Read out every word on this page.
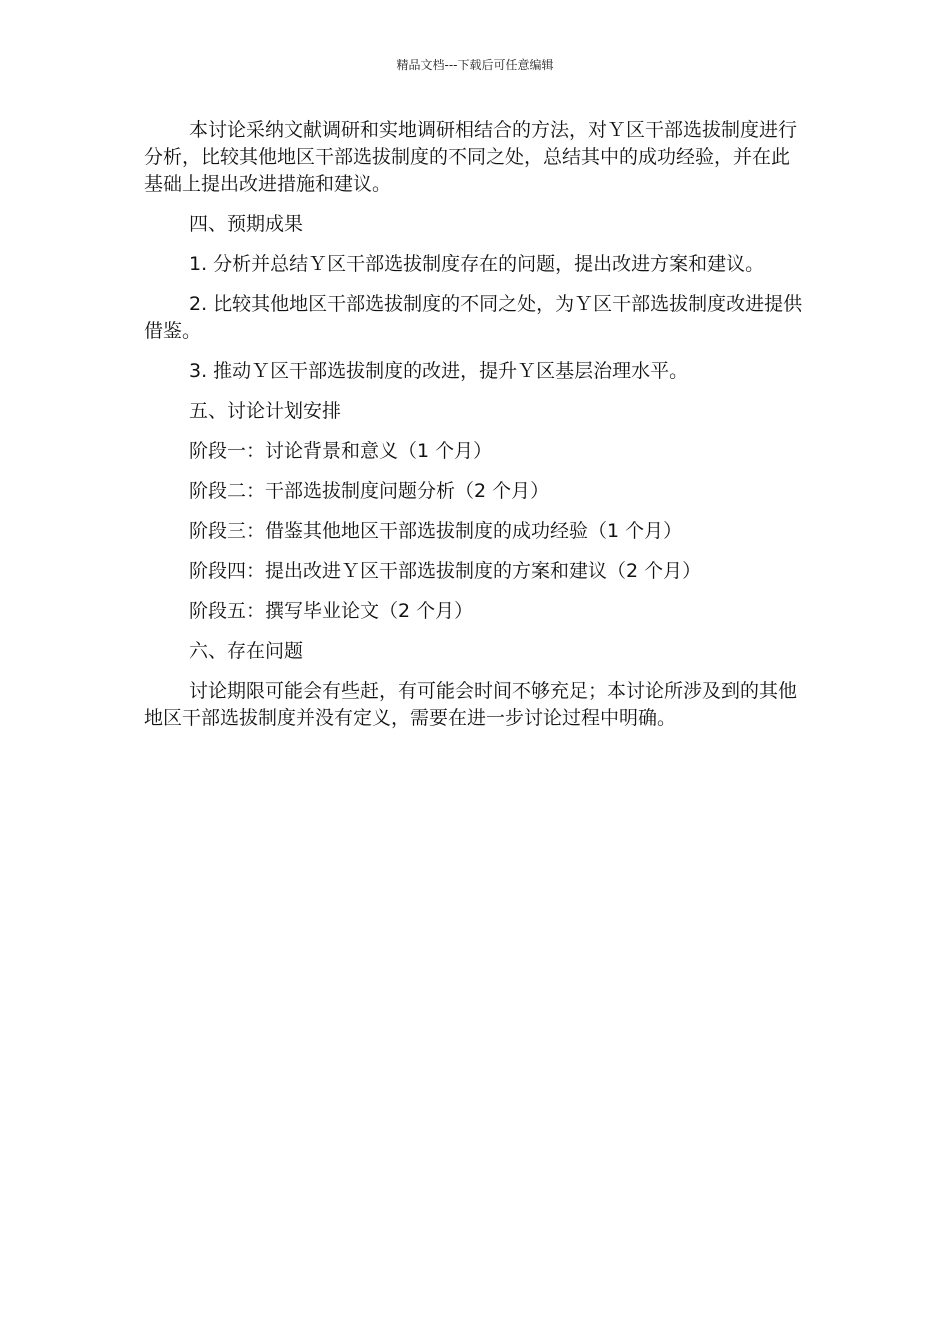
精品文档---下载后可任意编辑

本讨论采纳文献调研和实地调研相结合的方法，对Ｙ区干部选拔制度进行分析，比较其他地区干部选拔制度的不同之处，总结其中的成功经验，并在此基础上提出改进措施和建议。

四、预期成果

1. 分析并总结Ｙ区干部选拔制度存在的问题，提出改进方案和建议。

2. 比较其他地区干部选拔制度的不同之处，为Ｙ区干部选拔制度改进提供借鉴。

3. 推动Ｙ区干部选拔制度的改进，提升Ｙ区基层治理水平。

五、讨论计划安排

阶段一：讨论背景和意义（1 个月）

阶段二：干部选拔制度问题分析（2 个月）

阶段三：借鉴其他地区干部选拔制度的成功经验（1 个月）

阶段四：提出改进Ｙ区干部选拔制度的方案和建议（2 个月）

阶段五：撰写毕业论文（2 个月）

六、存在问题

讨论期限可能会有些赶，有可能会时间不够充足；本讨论所涉及到的其他地区干部选拔制度并没有定义，需要在进一步讨论过程中明确。
